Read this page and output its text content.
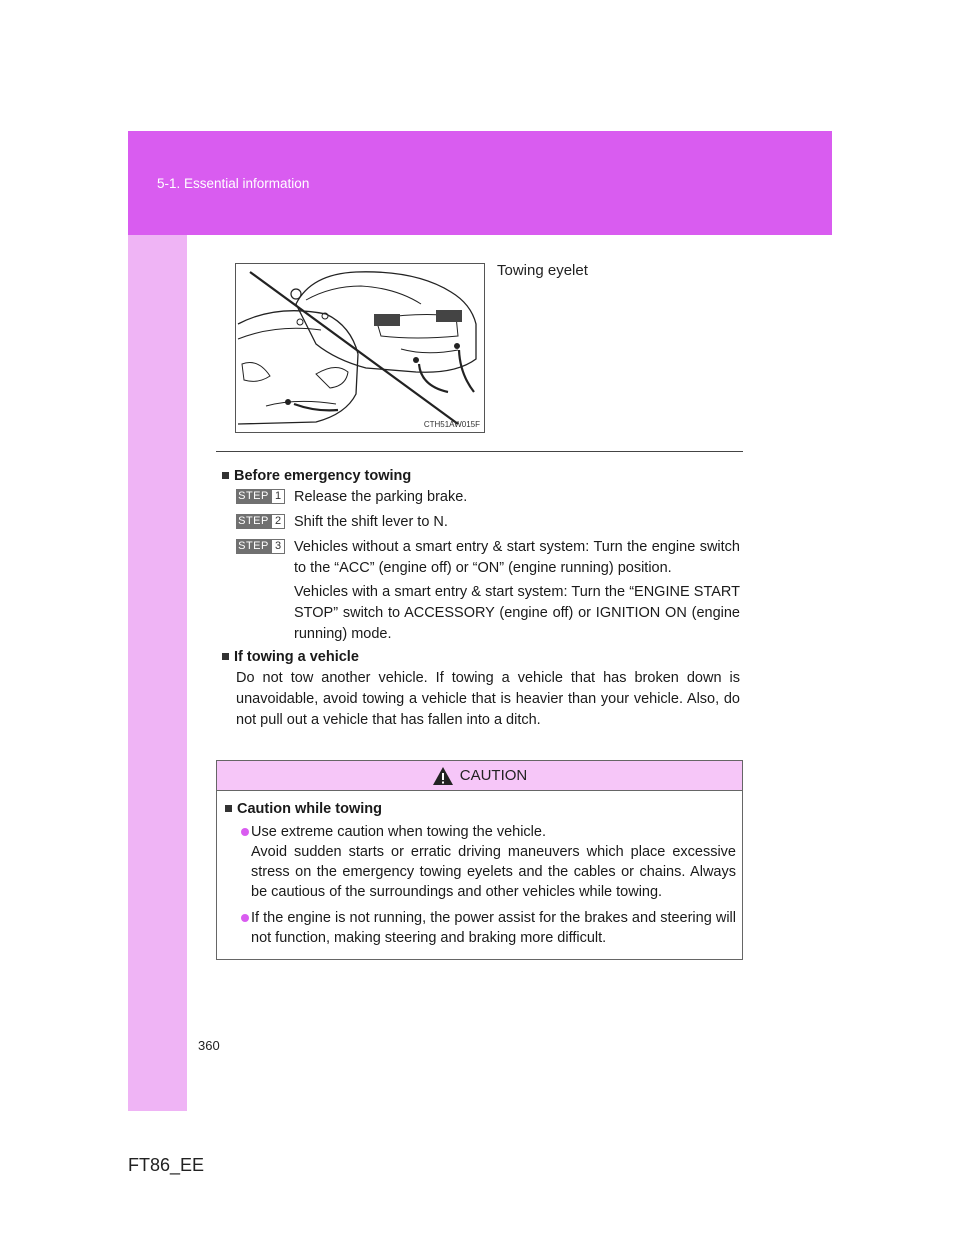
5-1. Essential information
CTH51AW015F
Towing eyelet
Before emergency towing
STEP 1 Release the parking brake.
STEP 2 Shift the shift lever to N.
STEP 3 Vehicles without a smart entry & start system: Turn the engine switch to the “ACC” (engine off) or “ON” (engine running) position.
Vehicles with a smart entry & start system: Turn the “ENGINE START STOP” switch to ACCESSORY (engine off) or IGNITION ON (engine running) mode.
If towing a vehicle
Do not tow another vehicle. If towing a vehicle that has broken down is unavoidable, avoid towing a vehicle that is heavier than your vehicle. Also, do not pull out a vehicle that has fallen into a ditch.
CAUTION
Caution while towing
Use extreme caution when towing the vehicle.
Avoid sudden starts or erratic driving maneuvers which place excessive stress on the emergency towing eyelets and the cables or chains. Always be cautious of the surroundings and other vehicles while towing.
If the engine is not running, the power assist for the brakes and steering will not function, making steering and braking more difficult.
360
FT86_EE
